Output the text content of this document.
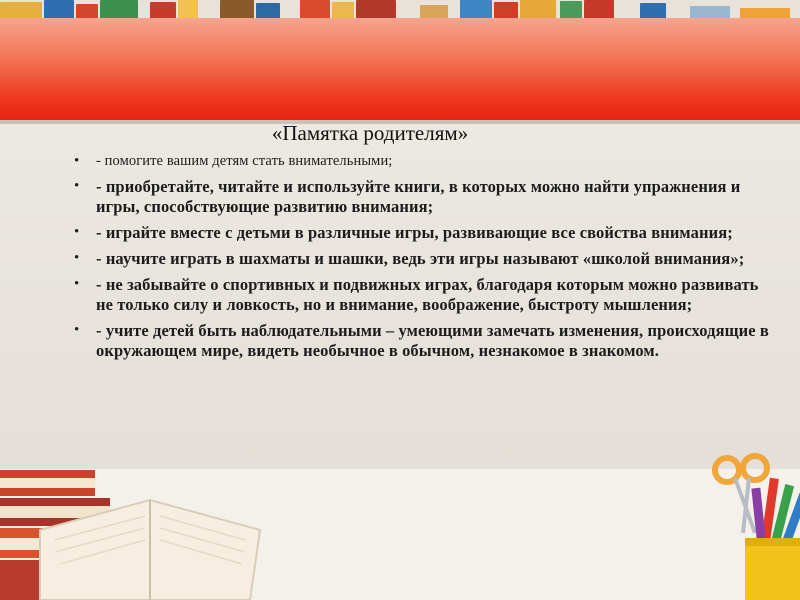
«Памятка родителям»
• - помогите вашим детям стать внимательными;
• - приобретайте, читайте и используйте книги, в которых можно найти упражнения и игры, способствующие развитию внимания;
• - играйте вместе с детьми в различные игры, развивающие все свойства внимания;
• - научите играть в шахматы и шашки, ведь эти игры называют «школой внимания»;
• - не забывайте о спортивных и подвижных играх, благодаря которым можно развивать не только силу и ловкость, но и внимание, воображение, быстроту мышления;
• - учите детей быть наблюдательными – умеющими замечать изменения, происходящие в окружающем мире, видеть необычное в обычном, незнакомое в знакомом.
